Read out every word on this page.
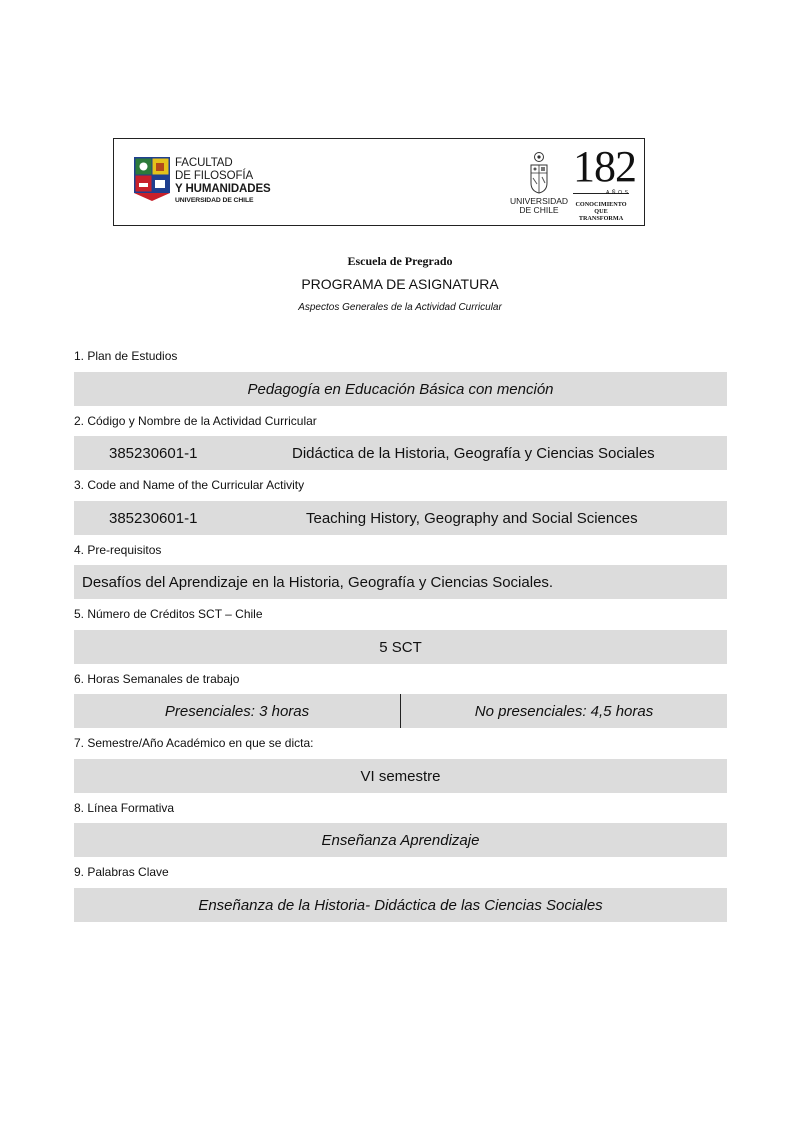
FACULTAD
DE FILOSOFÍA
Y HUMANIDADES
UNIVERSIDAD DE CHILE	UNIVERSIDAD
DE CHILE
182
AÑOS
CONOCIMIENTO
QUE TRANSFORMA
Escuela de Pregrado
PROGRAMA DE ASIGNATURA
Aspectos Generales de la Actividad Curricular
1. Plan de Estudios
Pedagogía en Educación Básica con mención
2. Código y Nombre de la Actividad Curricular
385230601-1	Didáctica de la Historia, Geografía y Ciencias Sociales
3. Code and Name of the Curricular Activity
385230601-1	Teaching History, Geography and Social Sciences
4. Pre-requisitos
Desafíos del Aprendizaje en la Historia, Geografía y Ciencias Sociales.
5. Número de Créditos SCT – Chile
5 SCT
6. Horas Semanales de trabajo
Presenciales: 3 horas	No presenciales: 4,5 horas
7. Semestre/Año Académico en que se dicta:
VI semestre
8. Línea Formativa
Enseñanza Aprendizaje
9. Palabras Clave
Enseñanza de la Historia- Didáctica de las Ciencias Sociales
